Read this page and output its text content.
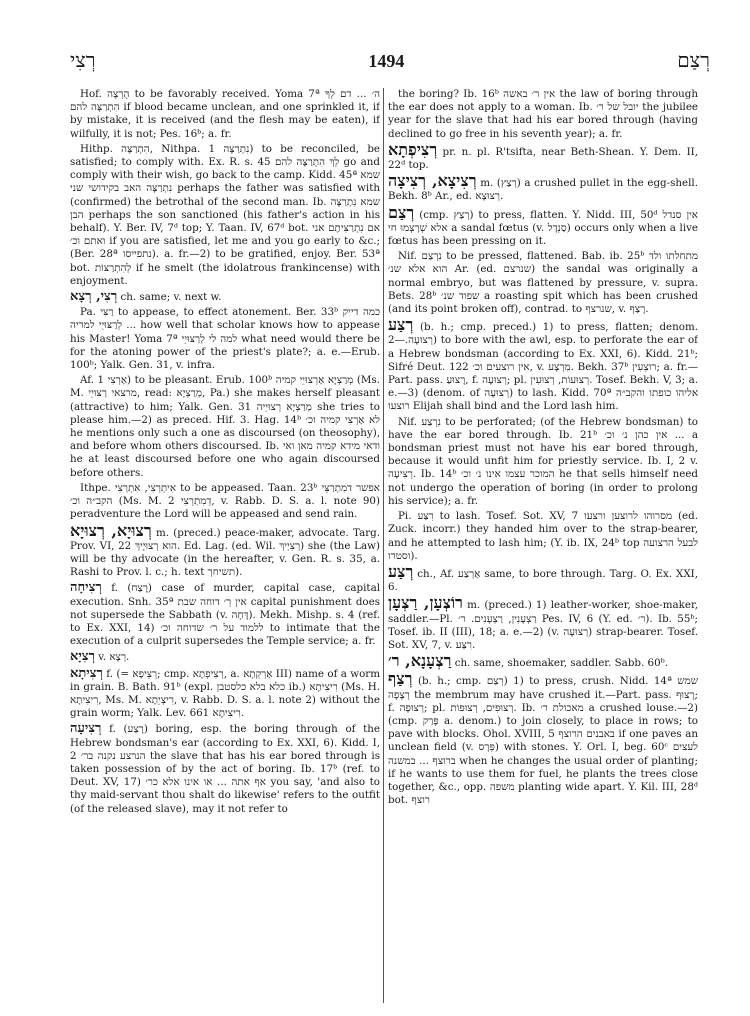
רְצִי	1494	רְצַם

Hof. הֻרְצָה to be favorably received. Yoma 7ª ה׳ ... דם לְךָ הִתְרַצָּה להם if blood became unclean, and one sprinkled it, if by mistake, it is received (and the flesh may be eaten), if wilfully, it is not; Pes. 16ᵇ; a. fr.

Hithp. הִתְרַצָּה, Nithpa. נִתְרַצָּה 1) to be reconciled, be satisfied; to comply with. Ex. R. s. 45 לֵךְ הִתְרַצָּה להם go and comply with their wish, go back to the camp. Kidd. 45ª שמא נִתְרַצָּה האב בקידושי שני perhaps the father was satisfied with (confirmed) the betrothal of the second man. Ib. שמא נִתְרַצָּה הבן perhaps the son sanctioned (his father's action in his behalf). Y. Ber. IV, 7ᵈ top; Y. Taan. IV, 67ᵈ bot. אם נִתְרַצִּיתֶם אני ואתם וכ׳ if you are satisfied, let me and you go early to &c.; (Ber. 28ª נתפייסו). a. fr.—2) to be gratified, enjoy. Ber. 53ª bot. לְהִתְרַצּוֹת if he smelt (the idolatrous frankincense) with enjoyment.

רְצִי, רְצָא ch. same; v. next w.

Pa. רַצִּי to appease, to effect atonement. Ber. 33ᵇ כמה דייק ... לְרַצּוּיֵי למריה how well that scholar knows how to appease his Master! Yoma 7ª למה לי לְרַצּוּיֵי what need would there be for the atoning power of the priest's plate?; a. e.—Erub. 100ᵇ; Yalk. Gen. 31, v. infra.

Af. אַרְצִי 1) to be pleasant. Erub. 100ᵇ מְרַצְיָא אַרְצוּיֵי קמיה (Ms. M. מרצאי רַצּוּיֵי, read: מְרַצְיָא, Pa.) she makes herself pleasant (attractive) to him; Yalk. Gen. 31 מְרַצְיָא רְצוּיֵיה she tries to please him.—2) as preced. Hif. 3. Hag. 14ᵇ לא אַרְצִי קמיה וכ׳ he mentions only such a one as discoursed (on theosophy), and before whom others discoursed. Ib. ודאי מידא קמיה מאן ואי he at least discoursed before one who again discoursed before others.

Ithpe. אִיתְרְצִי, אִתְרְצִי to be appeased. Taan. 23ᵇ אפשר דמִתְרַצֵּי הקב״ה וכ׳ (Ms. M. 2 דְמִתְרְצִי, v. Rabb. D. S. a. l. note 90) peradventure the Lord will be appeased and send rain.

רְצוּיָא, רְצוּיָא m. (preced.) peace-maker, advocate. Targ. Prov. VI, 22 הוא רְצוּיָיךְ. Ed. Lag. (ed. Wil. רְצִיְיךְ) she (the Law) will be thy advocate (in the hereafter, v. Gen. R. s. 35, a. Rashi to Prov. l. c.; h. text תשיחך).

רְצִיחָה f. (רָצַח) case of murder, capital case, capital execution. Snh. 35ª אין רְ׳ דוחה שבת capital punishment does not supersede the Sabbath (v. דָּחָה). Mekh. Mishp. s. 4 (ref. to Ex. XXI, 14) ללמוד על ר׳ שדוחה וכ׳ to intimate that the execution of a culprit supersedes the Temple service; a. fr.

רְצִיָא v. רְצָא.

רְצִיתָא f. (= רְצֵיפָא; cmp. רְצִיפְתָא, a. אַרְקְתָא III) name of a worm in grain. B. Bath. 91ᵇ (expl. כלא בלא כלסטבן ib.) רִיצִיתָא (Ms. H. רִיצִיתָא, Ms. M. רִיצְיֵתָא, v. Rabb. D. S. a. l. note 2) without the grain worm; Yalk. Lev. 661 רִיצִיתָא.

רְצִיעָה f. (רָצַע) boring, esp. the boring through of the Hebrew bondsman's ear (according to Ex. XXI, 6). Kidd. I, 2 הנרצע נקנה בר׳ the slave that has his ear bored through is taken possession of by the act of boring. Ib. 17ᵇ (ref. to Deut. XV, 17) אף אתה ... או אינו אלא כר׳ you say, 'and also to thy maid-servant thou shalt do likewise' refers to the outfit (of the released slave), may it not refer to

the boring? Ib. 16ᵇ אין ר׳ באשה the law of boring through the ear does not apply to a woman. Ib. יובל של ר׳ the jubilee year for the slave that had his ear bored through (having declined to go free in his seventh year); a. fr.

רְצִיפְתָא pr. n. pl. R'tsifta, near Beth-Shean. Y. Dem. II, 22ᵈ top.

רְצִיצָא, רְצִיצָה m. (רְצַץ) a crushed pullet in the egg-shell. Bekh. 8ᵇ Ar., ed. רְצוּצָא.

רְצַם (cmp. רְצַץ) to press, flatten. Y. Nidd. III, 50ᵈ אין סנדל אלא שְׁרָצְמוּ חי a sandal fœtus (v. סַנְדָל) occurs only when a live fœtus has been pressing on it.

Nif. נִרְצַם to be pressed, flattened. Bab. ib. 25ᵇ מתחלתו ולד הוא אלא שנ׳ Ar. (ed. שנרצם) the sandal was originally a normal embryo, but was flattened by pressure, v. supra. Bets. 28ᵇ שפוד שנ׳ a roasting spit which has been crushed (and its point broken off), contrad. to שנרצף, v. רָצַף.

רְצַע (b. h.; cmp. preced.) 1) to press, flatten; denom. רְצוּעָה.—2) to bore with the awl, esp. to perforate the ear of a Hebrew bondsman (according to Ex. XXI, 6). Kidd. 21ᵇ; Sifré Deut. 122 אין רוצעים וכ׳, v. מִרְצָע. Bekh. 37ᵇ רוצְעִין; a. fr.—Part. pass. רָצוּעַ, f. רְצוּעָה; pl. רְצוּעוֹת, רְצוּעִין. Tosef. Bekh. V, 3; a. e.—3) (denom. of רְצוּעָה) to lash. Kidd. 70ª אליהו כופתו והקב״ה רוצעו Elijah shall bind and the Lord lash him.

Nif. נִרְצַע to be perforated; (of the Hebrew bondsman) to have the ear bored through. Ib. 21ᵇ אין כהן נ׳ וכ׳ ... a bondsman priest must not have his ear bored through, because it would unfit him for priestly service. Ib. I, 2 v. רְצִיעָה. Ib. 14ᵇ המוכר עצמו אינו נ׳ וכ׳ he that sells himself need not undergo the operation of boring (in order to prolong his service); a. fr.

Pi. רִצַּע to lash. Tosef. Sot. XV, 7 מסרוהו לרוצען ורצעו (ed. Zuck. incorr.) they handed him over to the strap-bearer, and he attempted to lash him; (Y. ib. IX, 24ᵇ top לבעל הרצועה וסטרו).

רְצַע ch., Af. אַרְצַע same, to bore through. Targ. O. Ex. XXI, 6.

רוֹצְעָן, רַצְעָן m. (preced.) 1) leather-worker, shoe-maker, saddler.—Pl. רַצְעָנִין, רַצְעָנִים. ר׳ Pes. IV, 6 (Y. ed. ר׳). Ib. 55ᵇ; Tosef. ib. II (III), 18; a. e.—2) (v. רְצוּעָה) strap-bearer. Tosef. Sot. XV, 7, v. רִצַּע.

רַצְעָנָא, ר׳ ch. same, shoemaker, saddler. Sabb. 60ᵇ.

רְצַף (b. h.; cmp. רְצַם) 1) to press, crush. Nidd. 14ª שמש רְצָפָה the membrum may have crushed it.—Part. pass. רָצוּף; f. רְצוּפָה; pl. רְצוּפִים, רְצוּפוֹת. Ib. מאכולת ר׳ a crushed louse.—2) (cmp. פָּרַק a. denom.) to join closely, to place in rows; to pave with blocks. Ohol. XVIII, 5 באבנים הרוצף if one paves an unclean field (v. פְּרָס) with stones. Y. Orl. I, beg. 60ᶜ לעצים ברוצף ... במשנה when he changes the usual order of planting; if he wants to use them for fuel, he plants the trees close together, &c., opp. משפה planting wide apart. Y. Kil. III, 28ᵈ bot. רוצף
